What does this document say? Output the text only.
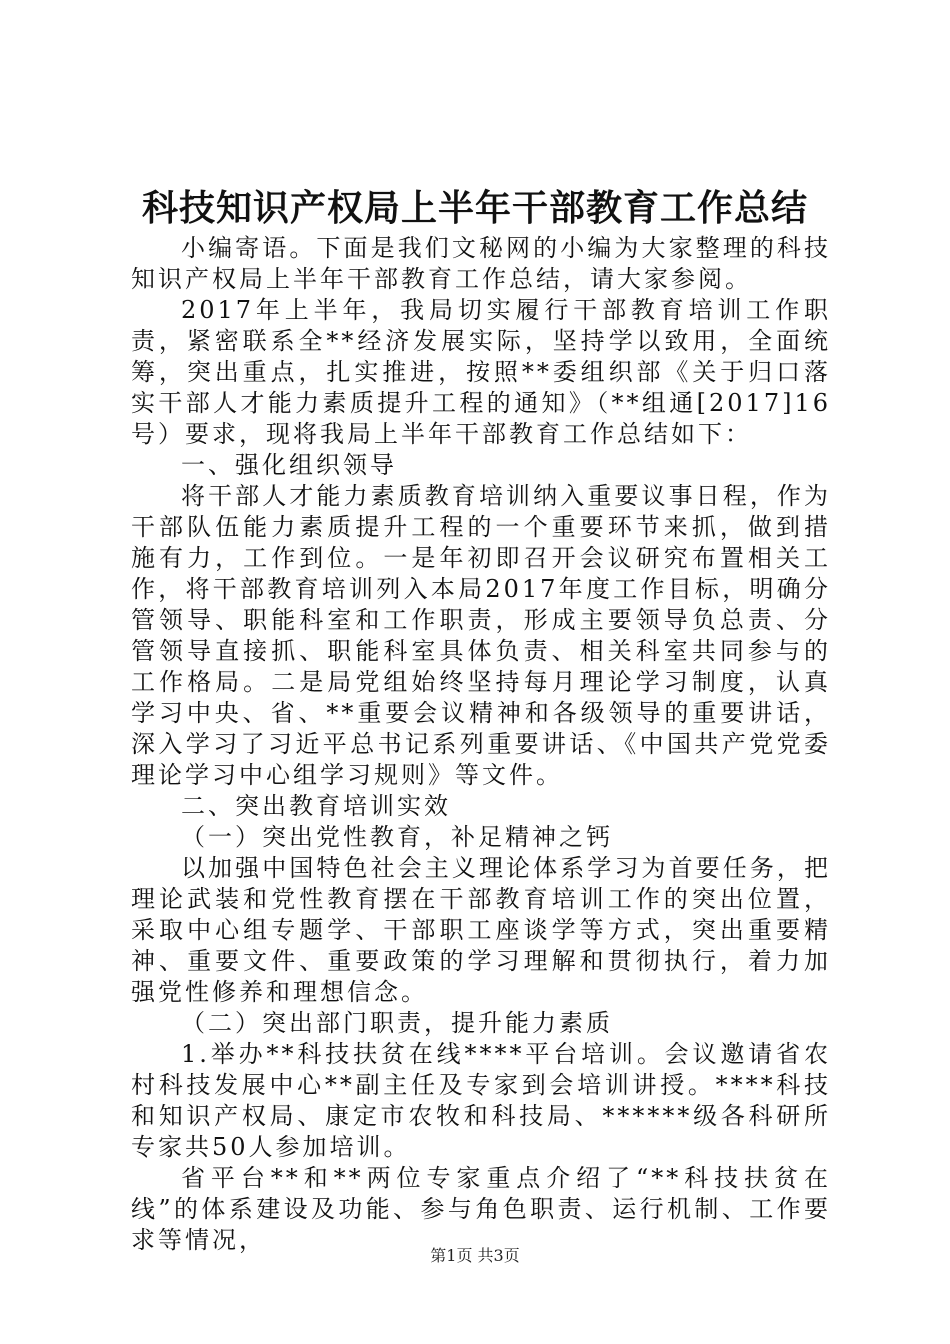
科技知识产权局上半年干部教育工作总结

小编寄语。下面是我们文秘网的小编为大家整理的科技知识产权局上半年干部教育工作总结，请大家参阅。

2017年上半年，我局切实履行干部教育培训工作职责，紧密联系全**经济发展实际，坚持学以致用，全面统筹，突出重点，扎实推进，按照**委组织部《关于归口落实干部人才能力素质提升工程的通知》（**组通[2017]16号）要求，现将我局上半年干部教育工作总结如下：

一、强化组织领导

将干部人才能力素质教育培训纳入重要议事日程，作为干部队伍能力素质提升工程的一个重要环节来抓，做到措施有力，工作到位。一是年初即召开会议研究布置相关工作，将干部教育培训列入本局2017年度工作目标，明确分管领导、职能科室和工作职责，形成主要领导负总责、分管领导直接抓、职能科室具体负责、相关科室共同参与的工作格局。二是局党组始终坚持每月理论学习制度，认真学习中央、省、**重要会议精神和各级领导的重要讲话，深入学习了习近平总书记系列重要讲话、《中国共产党党委理论学习中心组学习规则》等文件。

二、突出教育培训实效

（一）突出党性教育，补足精神之钙

以加强中国特色社会主义理论体系学习为首要任务，把理论武装和党性教育摆在干部教育培训工作的突出位置，采取中心组专题学、干部职工座谈学等方式，突出重要精神、重要文件、重要政策的学习理解和贯彻执行，着力加强党性修养和理想信念。

（二）突出部门职责，提升能力素质

1.举办**科技扶贫在线****平台培训。会议邀请省农村科技发展中心**副主任及专家到会培训讲授。****科技和知识产权局、康定市农牧和科技局、******级各科研所专家共50人参加培训。

省平台**和**两位专家重点介绍了“**科技扶贫在线”的体系建设及功能、参与角色职责、运行机制、工作要求等情况，

第1页 共3页
